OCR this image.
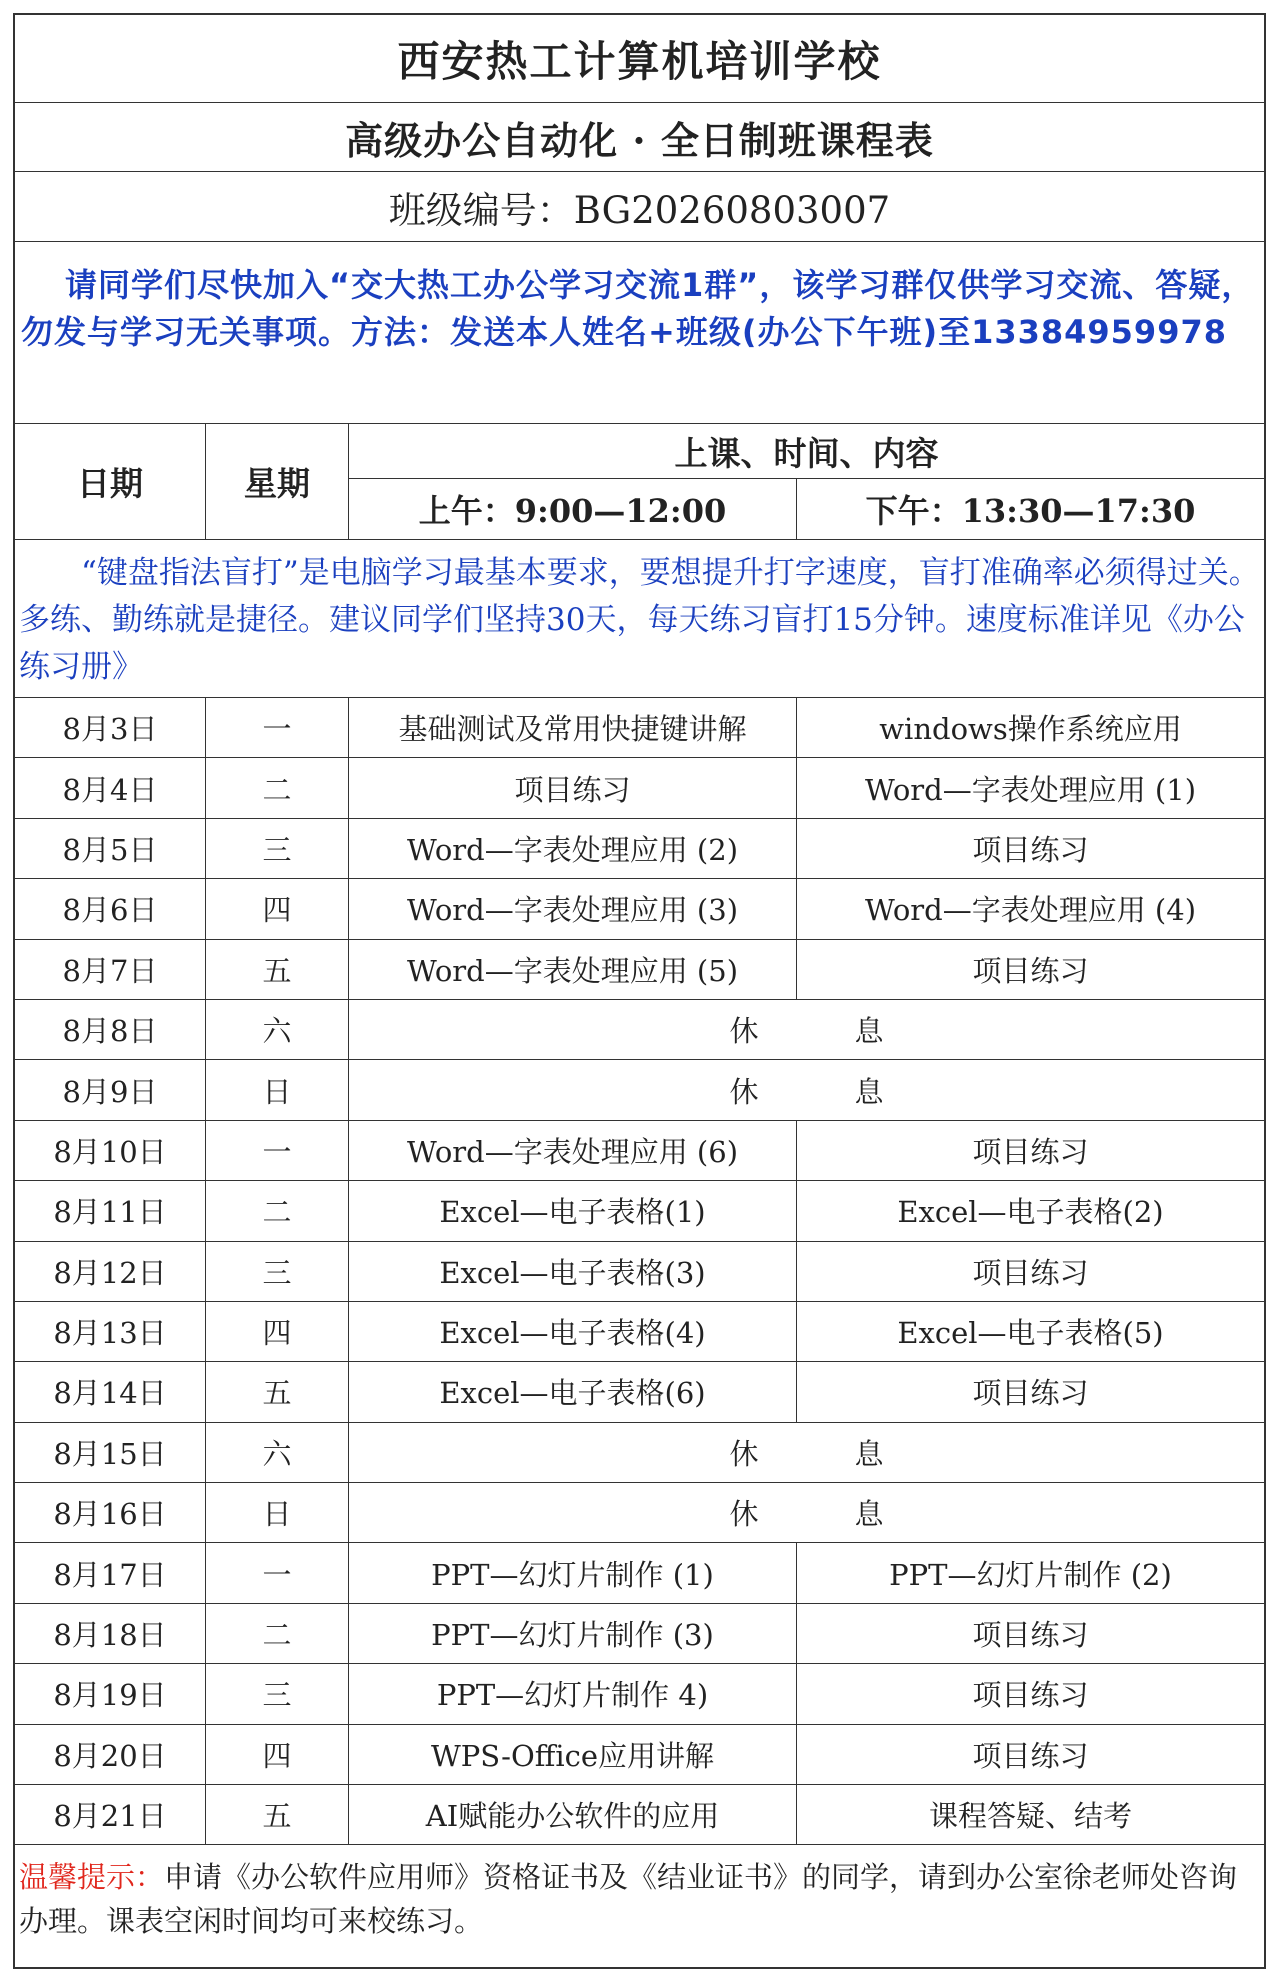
西安热工计算机培训学校
高级办公自动化 · 全日制班课程表
班级编号：BG20260803007
请同学们尽快加入“交大热工办公学习交流1群”，该学习群仅供学习交流、答疑，勿发与学习无关事项。方法：发送本人姓名+班级(办公下午班)至13384959978
日期	星期
上课、时间、内容
上午：9:00—12:00	下午：13:30—17:30
“键盘指法盲打”是电脑学习最基本要求，要想提升打字速度，盲打准确率必须得过关。多练、勤练就是捷径。建议同学们坚持30天，每天练习盲打15分钟。速度标准详见《办公练习册》
8月3日	一	基础测试及常用快捷键讲解	windows操作系统应用
8月4日	二	项目练习	Word—字表处理应用 (1)
8月5日	三	Word—字表处理应用 (2)	项目练习
8月6日	四	Word—字表处理应用 (3)	Word—字表处理应用 (4)
8月7日	五	Word—字表处理应用 (5)	项目练习
8月8日	六	休	息
8月9日	日	休	息
8月10日	一	Word—字表处理应用 (6)	项目练习
8月11日	二	Excel—电子表格(1)	Excel—电子表格(2)
8月12日	三	Excel—电子表格(3)	项目练习
8月13日	四	Excel—电子表格(4)	Excel—电子表格(5)
8月14日	五	Excel—电子表格(6)	项目练习
8月15日	六	休	息
8月16日	日	休	息
8月17日	一	PPT—幻灯片制作 (1)	PPT—幻灯片制作 (2)
8月18日	二	PPT—幻灯片制作 (3)	项目练习
8月19日	三	PPT—幻灯片制作 4)	项目练习
8月20日	四	WPS-Office应用讲解	项目练习
8月21日	五	AI赋能办公软件的应用	课程答疑、结考
温馨提示：申请《办公软件应用师》资格证书及《结业证书》的同学，请到办公室徐老师处咨询办理。课表空闲时间均可来校练习。
